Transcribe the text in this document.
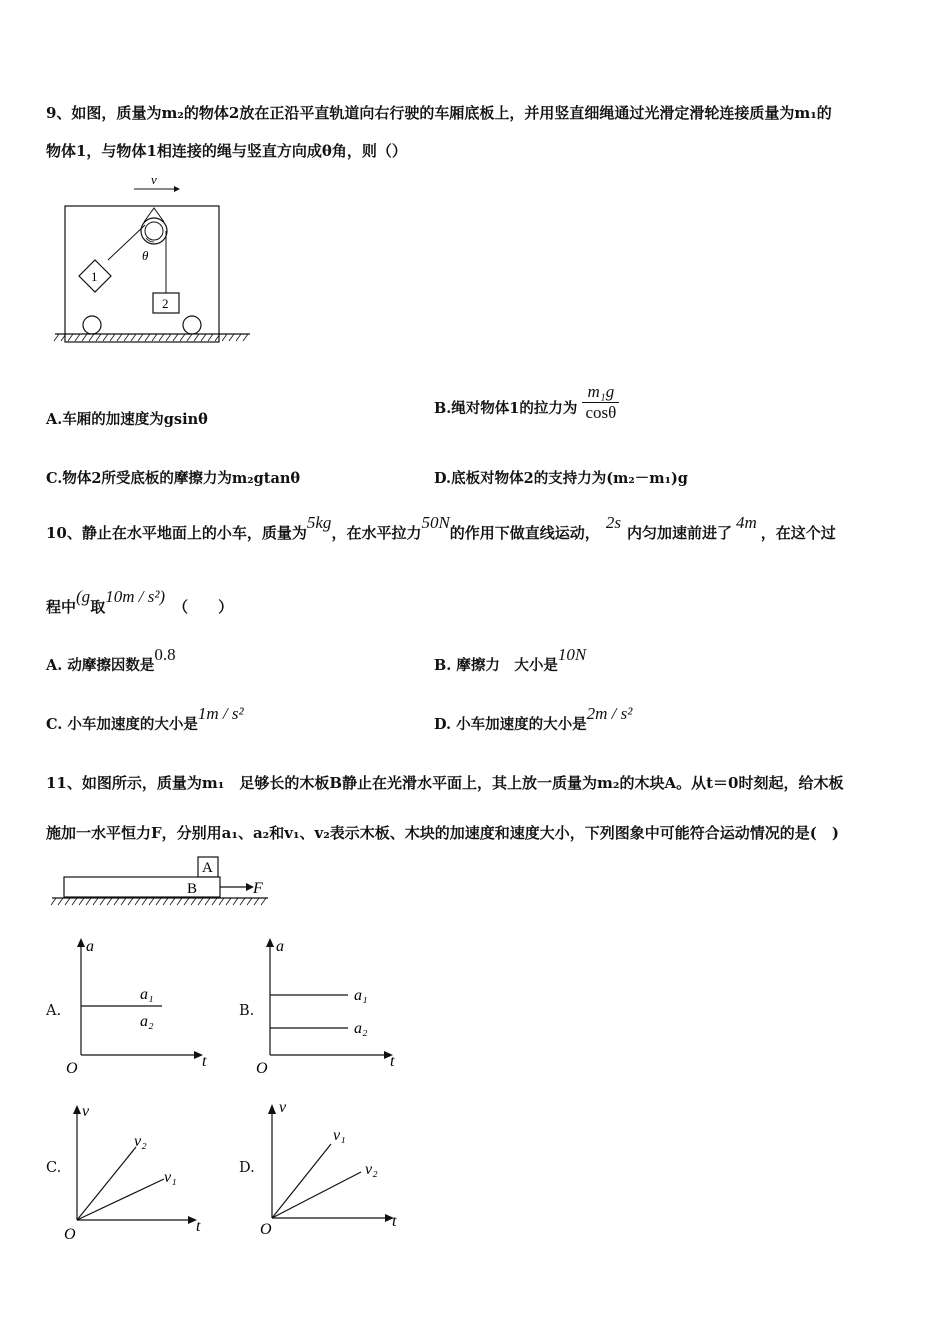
9、如图，质量为m₂的物体2放在正沿平直轨道向右行驶的车厢底板上，并用竖直细绳通过光滑定滑轮连接质量为m₁的
物体1，与物体1相连接的绳与竖直方向成θ角，则（）
v
θ
1
2
A.车厢的加速度为gsinθ
B.绳对物体1的拉力为 $\frac{\text{m₁g}}{\cos\theta}$
C.物体2所受底板的摩擦力为m₂gtanθ	D.底板对物体2的支持力为(m₂－m₁)g
10、静止在水平地面上的小车，质量为5kg，在水平拉力50N的作用下做直线运动，2s内匀加速前进了4m，在这个过
程中(g取10m / s²)（　　）
A. 动摩擦因数是0.8
B. 摩擦力　大小是10N
C. 小车加速度的大小是1m / s²
D. 小车加速度的大小是2m / s²
11、如图所示，质量为m₁　足够长的木板B静止在光滑水平面上，其上放一质量为m₂的木块A。从t＝0时刻起，给木板
施加一水平恒力F，分别用a₁、a₂和v₁、v₂表示木板、木块的加速度和速度大小，下列图象中可能符合运动情况的是(　)
A
B	F
A.
a
t
O
a₁
a₂
B.
a
t
O
a₁
a₂
C.
v
t
O
v₂
v₁
D.
v
t
O
v₁
v₂
